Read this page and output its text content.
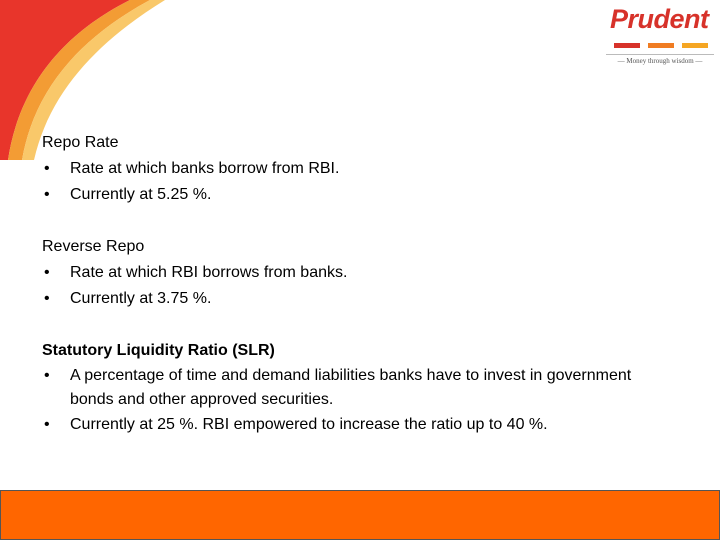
Prudent
— Money through wisdom —
Repo Rate
• Rate at which banks borrow from RBI.
• Currently at 5.25 %.
Reverse Repo
• Rate at which RBI borrows from banks.
• Currently at 3.75 %.
Statutory Liquidity Ratio (SLR)
• A percentage of time and demand liabilities banks have to invest in government bonds and other approved securities.
• Currently at 25 %. RBI empowered to increase the ratio up to 40 %.
